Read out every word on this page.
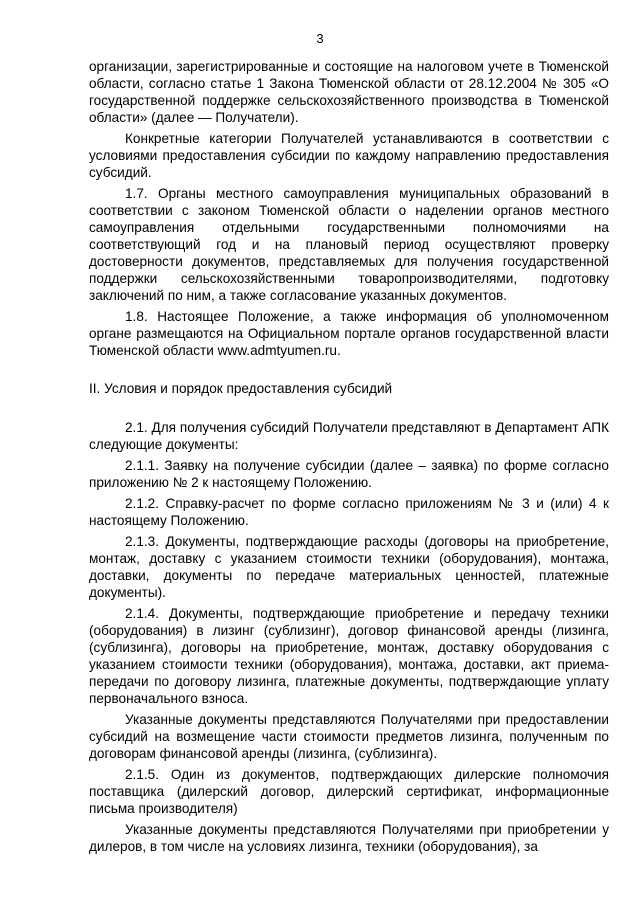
3

организации, зарегистрированные и состоящие на налоговом учете в Тюменской области, согласно статье 1 Закона Тюменской области от 28.12.2004 № 305 «О государственной поддержке сельскохозяйственного производства в Тюменской области» (далее — Получатели).

Конкретные категории Получателей устанавливаются в соответствии с условиями предоставления субсидии по каждому направлению предоставления субсидий.

1.7. Органы местного самоуправления муниципальных образований в соответствии с законом Тюменской области о наделении органов местного самоуправления отдельными государственными полномочиями на соответствующий год и на плановый период осуществляют проверку достоверности документов, представляемых для получения государственной поддержки сельскохозяйственными товаропроизводителями, подготовку заключений по ним, а также согласование указанных документов.

1.8. Настоящее Положение, а также информация об уполномоченном органе размещаются на Официальном портале органов государственной власти Тюменской области www.admtyumen.ru.

II. Условия и порядок предоставления субсидий

2.1. Для получения субсидий Получатели представляют в Департамент АПК следующие документы:

2.1.1. Заявку на получение субсидии (далее – заявка) по форме согласно приложению № 2 к настоящему Положению.

2.1.2. Справку-расчет по форме согласно приложениям № 3 и (или) 4 к настоящему Положению.

2.1.3. Документы, подтверждающие расходы (договоры на приобретение, монтаж, доставку с указанием стоимости техники (оборудования), монтажа, доставки, документы по передаче материальных ценностей, платежные документы).

2.1.4. Документы, подтверждающие приобретение и передачу техники (оборудования) в лизинг (сублизинг), договор финансовой аренды (лизинга, (сублизинга), договоры на приобретение, монтаж, доставку оборудования с указанием стоимости техники (оборудования), монтажа, доставки, акт приема-передачи по договору лизинга, платежные документы, подтверждающие уплату первоначального взноса.

Указанные документы представляются Получателями при предоставлении субсидий на возмещение части стоимости предметов лизинга, полученным по договорам финансовой аренды (лизинга, (сублизинга).

2.1.5. Один из документов, подтверждающих дилерские полномочия поставщика (дилерский договор, дилерский сертификат, информационные письма производителя)

Указанные документы представляются Получателями при приобретении у дилеров, в том числе на условиях лизинга, техники (оборудования), за
